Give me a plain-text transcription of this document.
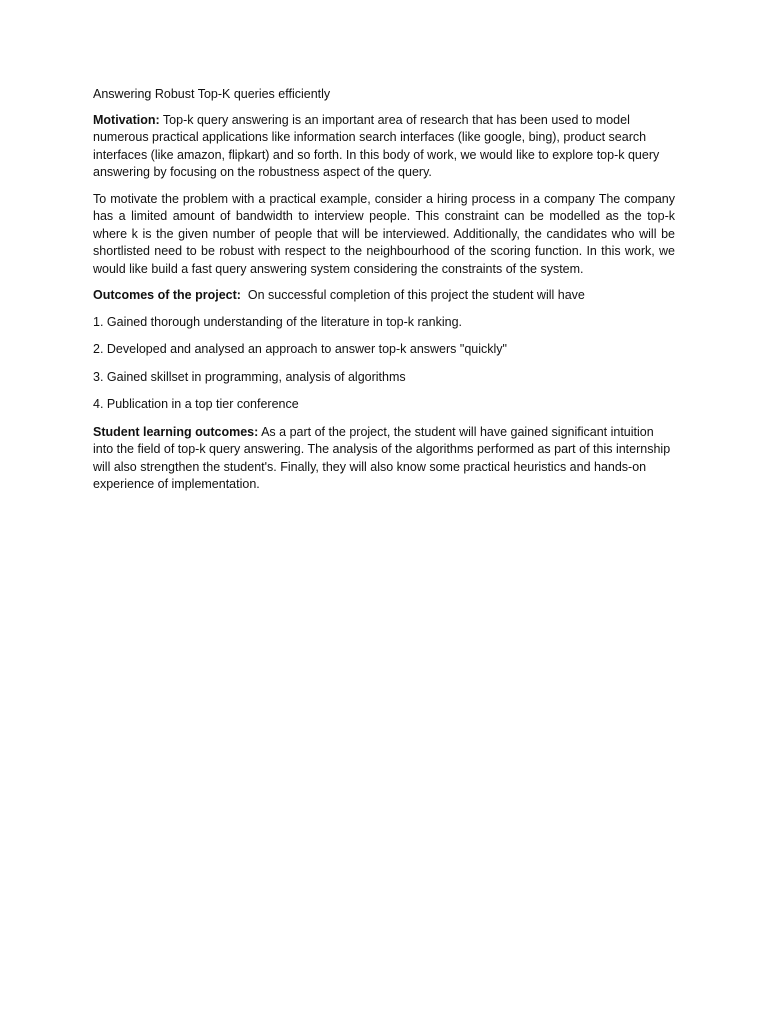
Answering Robust Top-K queries efficiently

Motivation: Top-k query answering is an important area of research that has been used to model numerous practical applications like information search interfaces (like google, bing), product search interfaces (like amazon, flipkart) and so forth. In this body of work, we would like to explore top-k query answering by focusing on the robustness aspect of the query.

To motivate the problem with a practical example, consider a hiring process in a company The company has a limited amount of bandwidth to interview people. This constraint can be modelled as the top-k where k is the given number of people that will be interviewed. Additionally, the candidates who will be shortlisted need to be robust with respect to the neighbourhood of the scoring function. In this work, we would like build a fast query answering system considering the constraints of the system.

Outcomes of the project:  On successful completion of this project the student will have

1. Gained thorough understanding of the literature in top-k ranking.

2. Developed and analysed an approach to answer top-k answers "quickly"

3. Gained skillset in programming, analysis of algorithms

4. Publication in a top tier conference

Student learning outcomes: As a part of the project, the student will have gained significant intuition into the field of top-k query answering. The analysis of the algorithms performed as part of this internship will also strengthen the student's. Finally, they will also know some practical heuristics and hands-on experience of implementation.
